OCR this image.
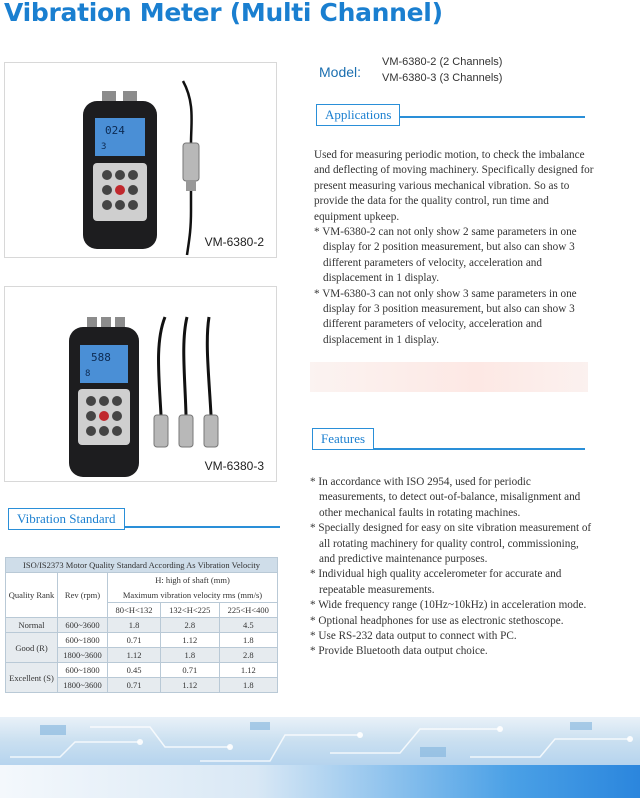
Vibration Meter (Multi Channel)
024
3
VM-6380-2
588
8
VM-6380-3
Model:
VM-6380-2 (2 Channels)
VM-6380-3 (3 Channels)
Applications

Used for measuring periodic motion, to check the imbalance and deflecting of moving machinery. Specifically designed for present measuring various mechanical vibration. So as to provide the data for the quality control, run time and equipment upkeep.

* VM-6380-2 can not only show 2 same parameters in one display for 2 position measurement, but also can show 3 different parameters of velocity, acceleration and displacement in 1 display.

* VM-6380-3 can not only show 3 same parameters in one display for 3 position measurement, but also can show 3 different parameters of velocity, acceleration and displacement in 1 display.

Features

* In accordance with ISO 2954, used for periodic measurements, to detect out-of-balance, misalignment and other mechanical faults in rotating machines.

* Specially designed for easy on site vibration measurement of all rotating machinery for quality control, commissioning, and predictive maintenance purposes.

* Individual high quality accelerometer for accurate and repeatable measurements.

* Wide frequency range (10Hz~10kHz) in acceleration mode.

* Optional headphones for use as electronic stethoscope.

* Use RS-232 data output to connect with PC.

* Provide Bluetooth data output choice.

Vibration Standard
ISO/IS2373 Motor Quality Standard According As Vibration Velocity				
Quality Rank	Rev (rpm)	H: high of shaft (mm)		
		Maximum vibration velocity rms (mm/s)		
		80<H<132	132<H<225	225<H<400
Normal	600~3600	1.8	2.8	4.5
Good (R)	600~1800	0.71	1.12	1.8
	1800~3600	1.12	1.8	2.8
Excellent (S)	600~1800	0.45	0.71	1.12
	1800~3600	0.71	1.12	1.8
